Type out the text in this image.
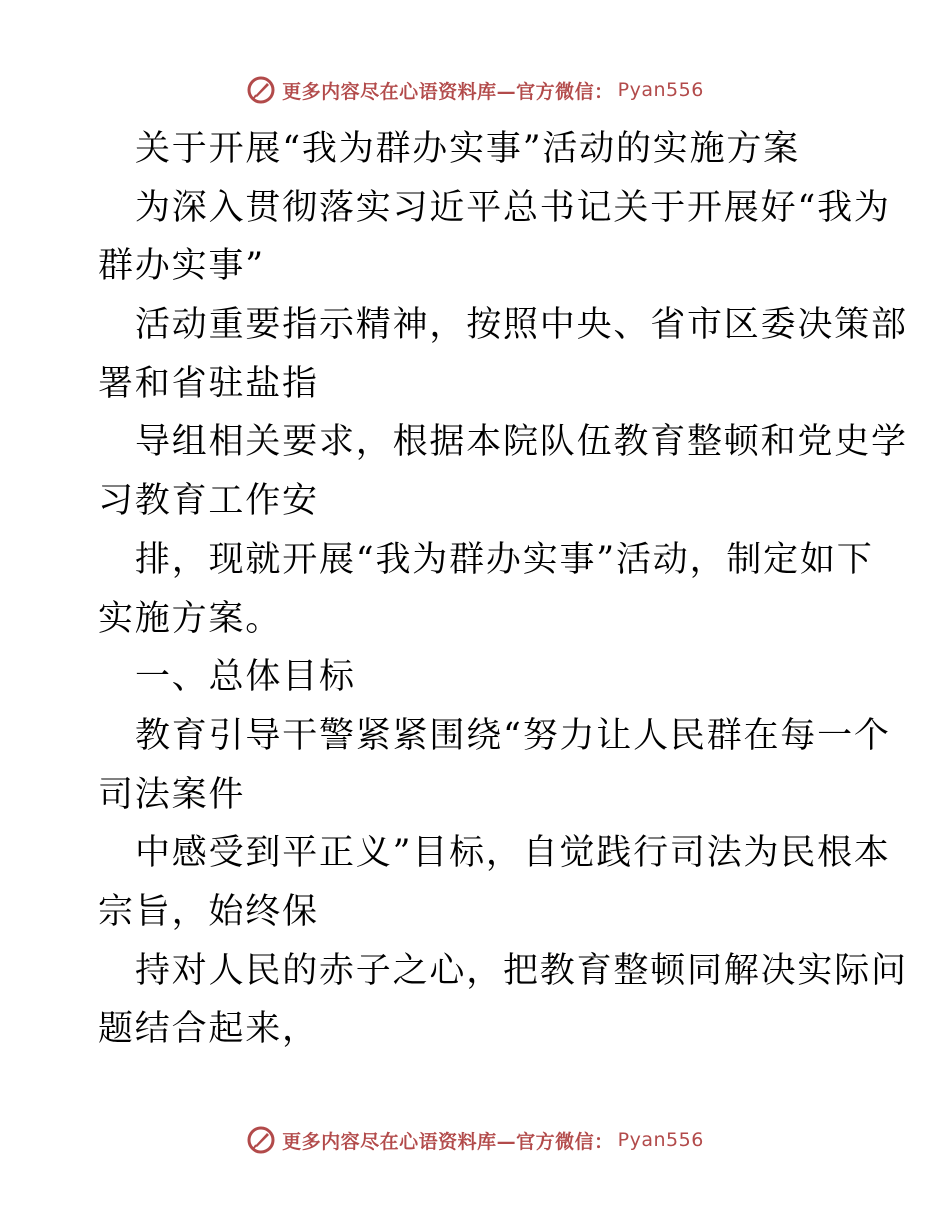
更多内容尽在心语资料库—官方微信： Pyan556
关于开展“我为群办实事”活动的实施方案
为深入贯彻落实习近平总书记关于开展好“我为
群办实事”
活动重要指示精神，按照中央、省市区委决策部
署和省驻盐指
导组相关要求，根据本院队伍教育整顿和党史学
习教育工作安
排，现就开展“我为群办实事”活动，制定如下
实施方案。
一、总体目标
教育引导干警紧紧围绕“努力让人民群在每一个
司法案件
中感受到平正义”目标，自觉践行司法为民根本
宗旨，始终保
持对人民的赤子之心，把教育整顿同解决实际问
题结合起来，
更多内容尽在心语资料库—官方微信： Pyan556
